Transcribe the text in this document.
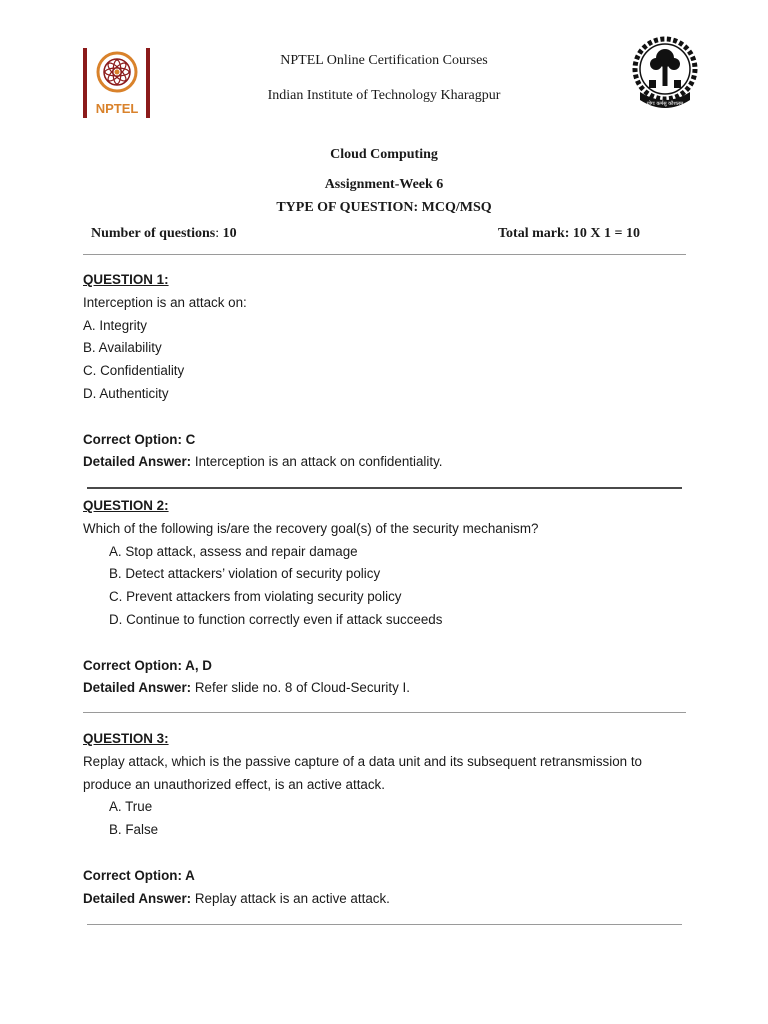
NPTEL	योगः कर्मसु कौशलम्
NPTEL Online Certification Courses
Indian Institute of Technology Kharagpur
Cloud Computing
Assignment-Week 6
TYPE OF QUESTION: MCQ/MSQ
Number of questions: 10	Total mark: 10 X 1 = 10
QUESTION 1:
Interception is an attack on:
A. Integrity
B. Availability
C. Confidentiality
D. Authenticity
Correct Option: C
Detailed Answer: Interception is an attack on confidentiality.
QUESTION 2:
Which of the following is/are the recovery goal(s) of the security mechanism?
A. Stop attack, assess and repair damage
B. Detect attackers’ violation of security policy
C. Prevent attackers from violating security policy
D. Continue to function correctly even if attack succeeds
Correct Option: A, D
Detailed Answer: Refer slide no. 8 of Cloud-Security I.
QUESTION 3:
Replay attack, which is the passive capture of a data unit and its subsequent retransmission to
produce an unauthorized effect, is an active attack.
A. True
B. False
Correct Option: A
Detailed Answer: Replay attack is an active attack.
